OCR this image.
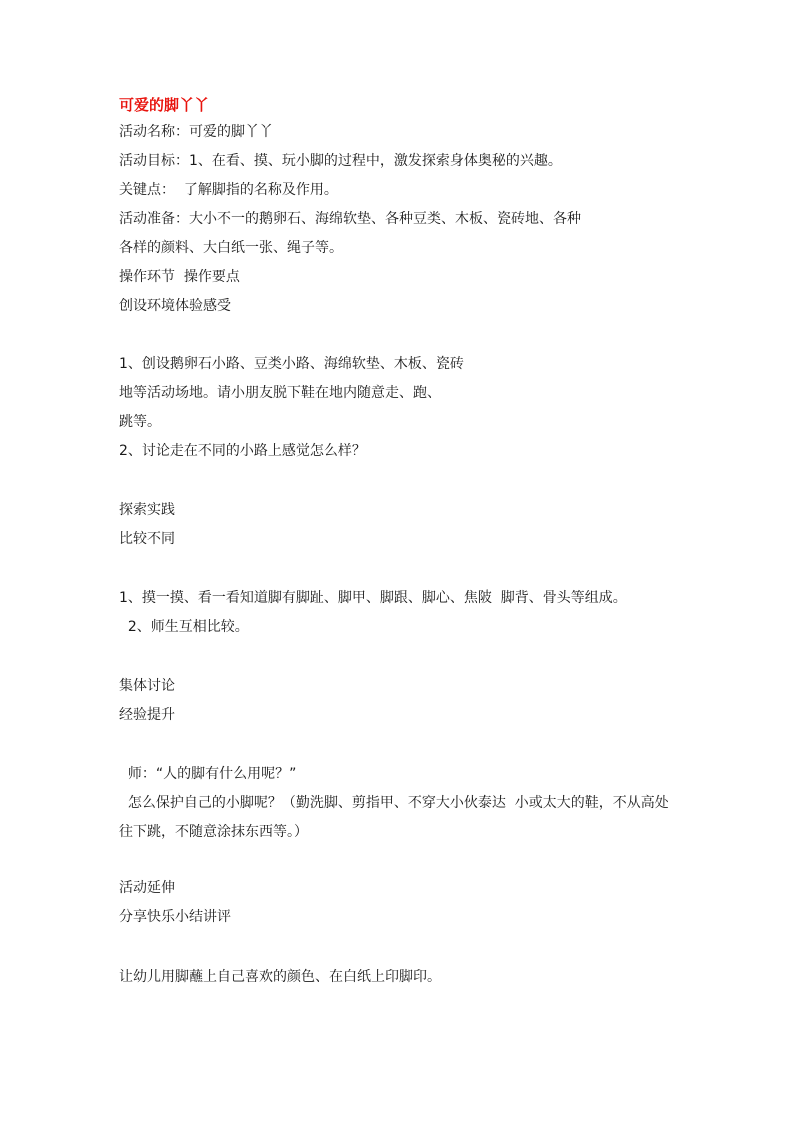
可爱的脚丫丫
活动名称：可爱的脚丫丫
活动目标：1、在看、摸、玩小脚的过程中，激发探索身体奥秘的兴趣。
关键点：  了解脚指的名称及作用。
活动准备：大小不一的鹅卵石、海绵软垫、各种豆类、木板、瓷砖地、各种
各样的颜料、大白纸一张、绳子等。
操作环节  操作要点
创设环境体验感受
1、创设鹅卵石小路、豆类小路、海绵软垫、木板、瓷砖
地等活动场地。请小朋友脱下鞋在地内随意走、跑、
跳等。
2、讨论走在不同的小路上感觉怎么样？
探索实践
比较不同
1、摸一摸、看一看知道脚有脚趾、脚甲、脚跟、脚心、焦陂  脚背、骨头等组成。
2、师生互相比较。
集体讨论
经验提升
师：“人的脚有什么用呢？”
怎么保护自己的小脚呢？（勤洗脚、剪指甲、不穿大小伙泰达  小或太大的鞋，不从高处
往下跳，不随意涂抹东西等。）
活动延伸
分享快乐小结讲评
让幼儿用脚蘸上自己喜欢的颜色、在白纸上印脚印。
